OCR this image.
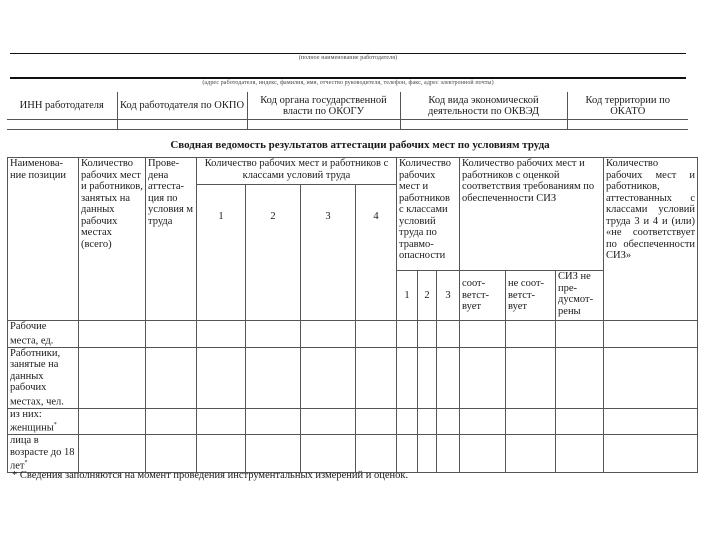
(полное наименование работодателя)
(адрес работодателя, индекс, фамилия, имя, отчество руководителя, телефон, факс, адрес электронной почты)
ИНН работодателя	Код работодателя по ОКПО	Код органа государственной власти по ОКОГУ	Код вида экономической деятельности по ОКВЭД	Код территории по ОКАТО

Сводная ведомость результатов аттестации рабочих мест по условиям труда
Наименова-ние позиции	Количество рабочих мест и работников, занятых на данных рабочих местах (всего)	Прове-дена аттеста-ция по условия м труда	Количество рабочих мест и работников с классами условий труда				Количество рабочих мест и работников с классами условий труда по травмо-опасности			Количество рабочих мест и работников с оценкой соответствия требованиям по обеспеченности СИЗ			Количество рабочих мест и работников, аттестованных с классами условий труда 3 и 4 и (или) «не соответствует по обеспеченности СИЗ»
			1	2	3	4							
							1	2	3	соот-ветст-вует	не соот-ветст-вует	СИЗ не пре-дусмот-рены	
Рабочие места, ед.													
Работники, занятые на данных рабочих местах, чел.													
из них: женщины*													
лица в возрасте до 18 лет*													
* Сведения заполняются на момент проведения инструментальных измерений и оценок.
